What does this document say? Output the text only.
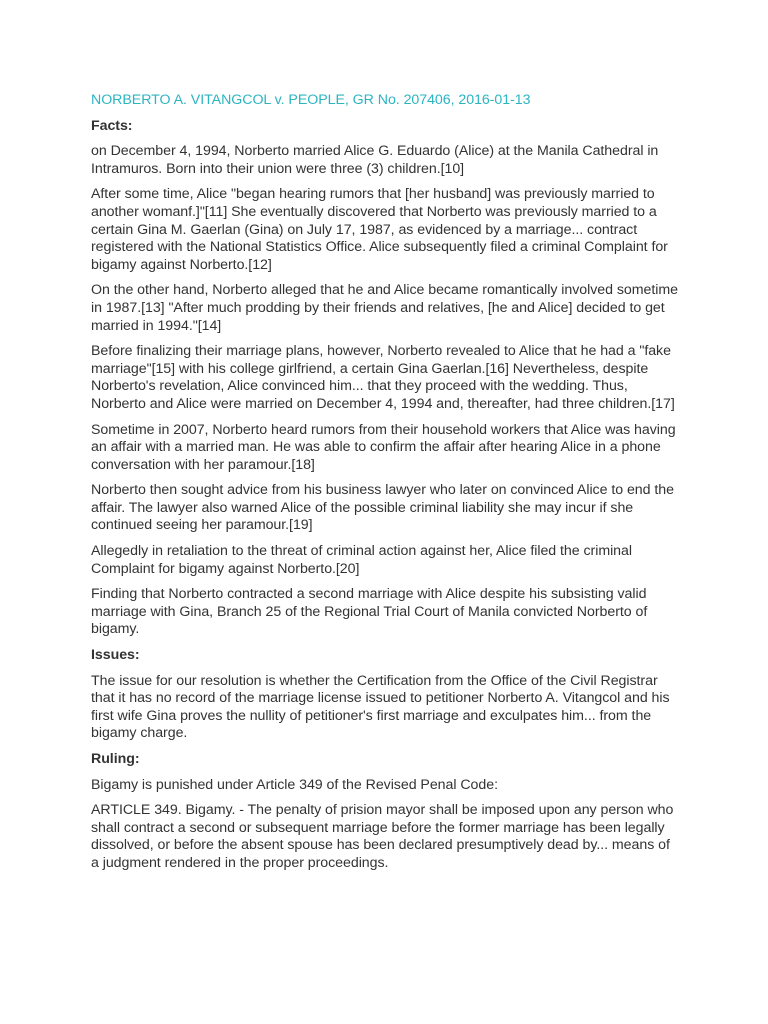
NORBERTO A. VITANGCOL v. PEOPLE, GR No. 207406, 2016-01-13
Facts:

on December 4, 1994, Norberto married Alice G. Eduardo (Alice) at the Manila Cathedral in Intramuros. Born into their union were three (3) children.[10]

After some time, Alice "began hearing rumors that [her husband] was previously married to another womanf.]"[11] She eventually discovered that Norberto was previously married to a certain Gina M. Gaerlan (Gina) on July 17, 1987, as evidenced by a marriage... contract registered with the National Statistics Office. Alice subsequently filed a criminal Complaint for bigamy against Norberto.[12]

On the other hand, Norberto alleged that he and Alice became romantically involved sometime in 1987.[13] "After much prodding by their friends and relatives, [he and Alice] decided to get married in 1994."[14]

Before finalizing their marriage plans, however, Norberto revealed to Alice that he had a "fake marriage"[15] with his college girlfriend, a certain Gina Gaerlan.[16] Nevertheless, despite Norberto's revelation, Alice convinced him... that they proceed with the wedding. Thus, Norberto and Alice were married on December 4, 1994 and, thereafter, had three children.[17]

Sometime in 2007, Norberto heard rumors from their household workers that Alice was having an affair with a married man. He was able to confirm the affair after hearing Alice in a phone conversation with her paramour.[18]

Norberto then sought advice from his business lawyer who later on convinced Alice to end the affair. The lawyer also warned Alice of the possible criminal liability she may incur if she continued seeing her paramour.[19]

Allegedly in retaliation to the threat of criminal action against her, Alice filed the criminal Complaint for bigamy against Norberto.[20]

Finding that Norberto contracted a second marriage with Alice despite his subsisting valid marriage with Gina, Branch 25 of the Regional Trial Court of Manila convicted Norberto of bigamy.

Issues:

The issue for our resolution is whether the Certification from the Office of the Civil Registrar that it has no record of the marriage license issued to petitioner Norberto A. Vitangcol and his first wife Gina proves the nullity of petitioner's first marriage and exculpates him... from the bigamy charge.

Ruling:

Bigamy is punished under Article 349 of the Revised Penal Code:

ARTICLE 349. Bigamy. - The penalty of prision mayor shall be imposed upon any person who shall contract a second or subsequent marriage before the former marriage has been legally dissolved, or before the absent spouse has been declared presumptively dead by... means of a judgment rendered in the proper proceedings.
